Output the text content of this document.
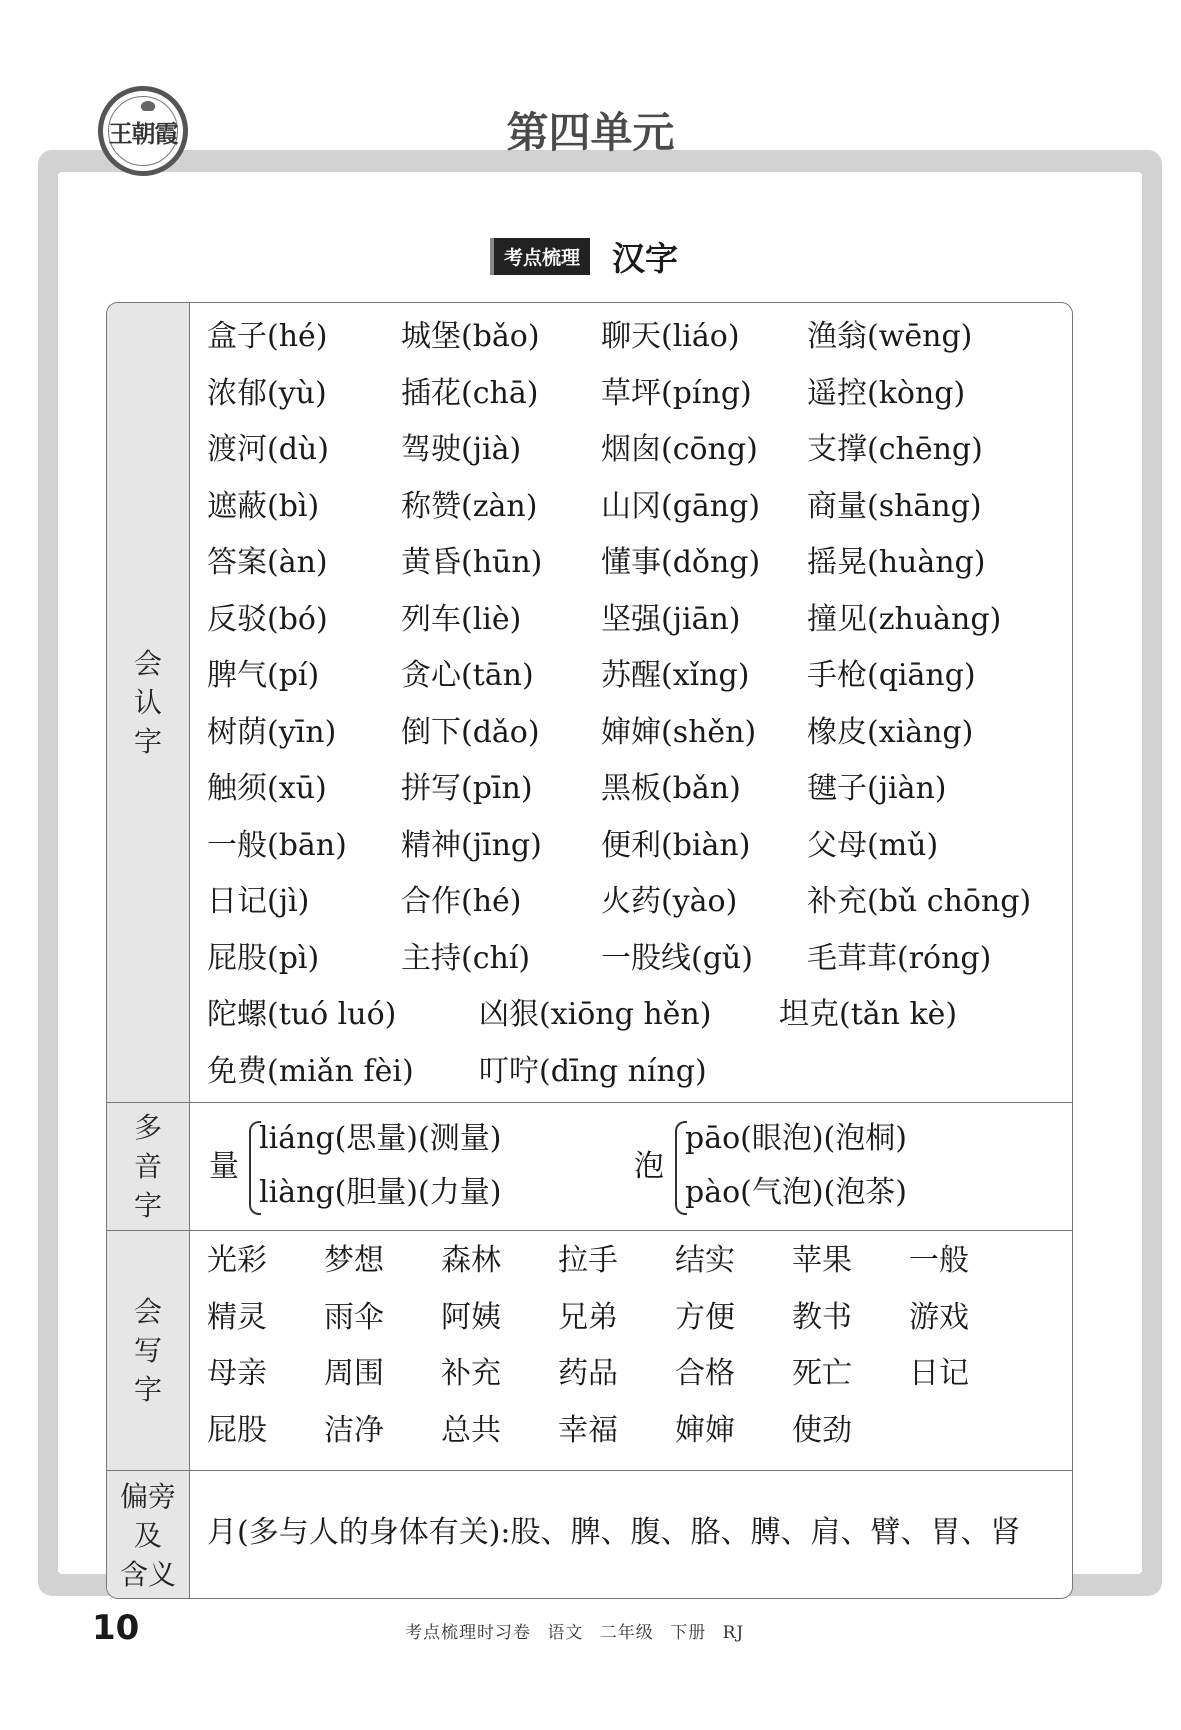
王朝霞	第四单元
考点梳理 汉字
会
认
字
盒子(hé) 城堡(bǎo) 聊天(liáo) 渔翁(wēng)
浓郁(yù) 插花(chā) 草坪(píng) 遥控(kòng)
渡河(dù) 驾驶(jià)	烟囱(cōng) 支撑(chēng)
遮蔽(bì)	称赞(zàn) 山冈(gāng) 商量(shāng)
答案(àn) 黄昏(hūn) 懂事(dǒng) 摇晃(huàng)
反驳(bó) 列车(liè)	坚强(jiān) 撞见(zhuàng)
脾气(pí)	贪心(tān) 苏醒(xǐng) 手枪(qiāng)
树荫(yīn) 倒下(dǎo) 婶婶(shěn) 橡皮(xiàng)
触须(xū) 拼写(pīn) 黑板(bǎn) 毽子(jiàn)
一般(bān) 精神(jīng) 便利(biàn) 父母(mǔ)
日记(jì)	合作(hé)	火药(yào) 补充(bǔ chōng)
屁股(pì)	主持(chí) 一股线(gǔ) 毛茸茸(róng)
陀螺(tuó luó)	凶狠(xiōng hěn) 坦克(tǎn kè)
免费(miǎn fèi) 叮咛(dīng níng)
多
音
字
量
liáng(思量)(测量)
liàng(胆量)(力量)
泡
pāo(眼泡)(泡桐)
pào(气泡)(泡茶)
会
写
字
光彩 梦想 森林 拉手 结实 苹果 一般
精灵 雨伞 阿姨 兄弟 方便 教书 游戏
母亲 周围 补充 药品 合格 死亡 日记
屁股 洁净 总共 幸福 婶婶 使劲
偏旁
及
含义
月(多与人的身体有关):股、脾、腹、胳、膊、肩、臂、胃、肾
10	考点梳理时习卷 语文 二年级 下册 RJ
